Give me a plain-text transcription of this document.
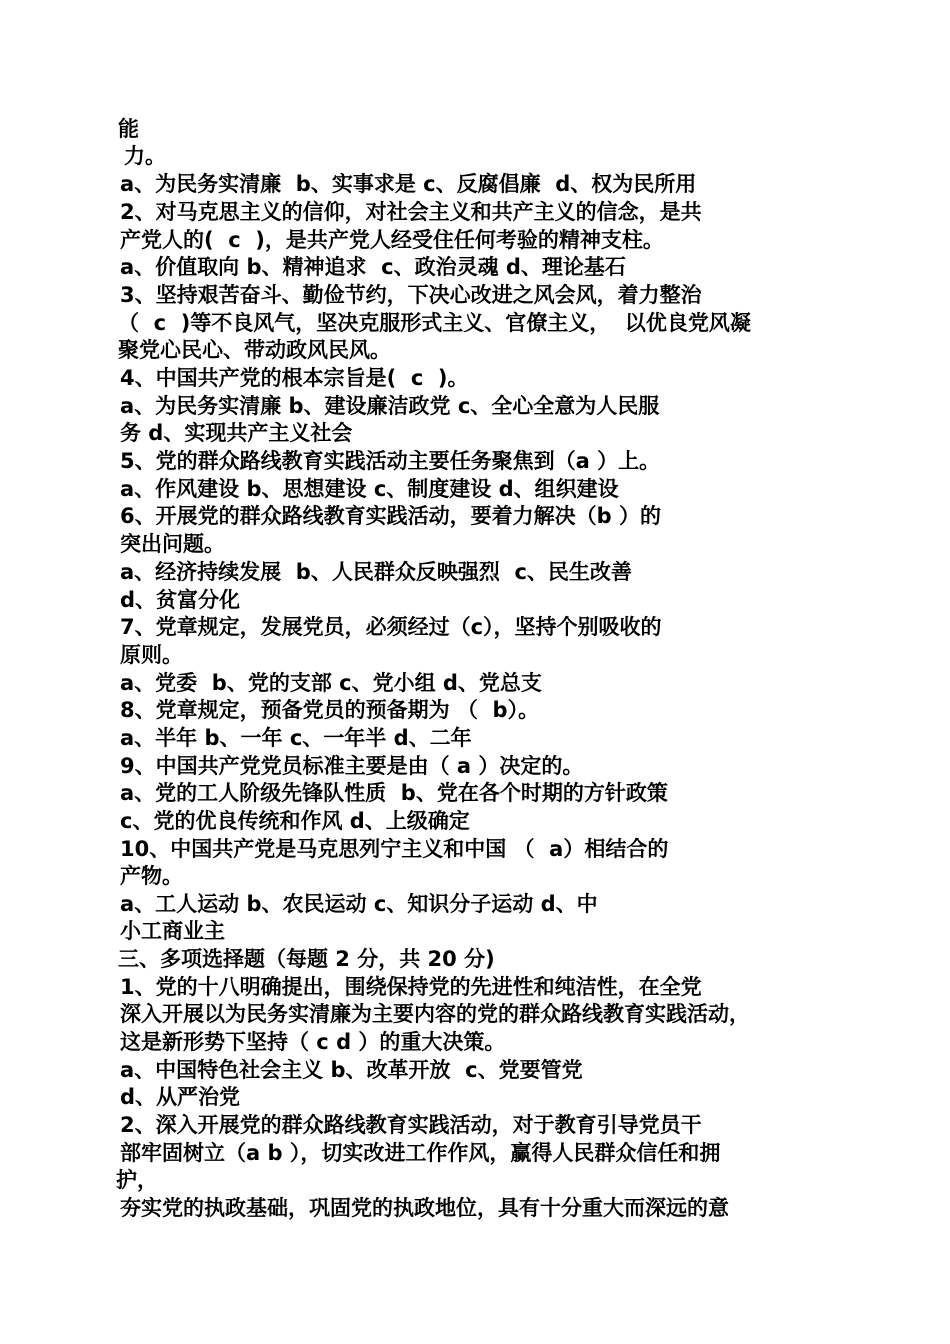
能
力。
a、为民务实清廉  b、实事求是 c、反腐倡廉  d、权为民所用
2、对马克思主义的信仰，对社会主义和共产主义的信念，是共
产党人的(  c  )，是共产党人经受住任何考验的精神支柱。
a、价值取向 b、精神追求  c、政治灵魂 d、理论基石
3、坚持艰苦奋斗、勤俭节约，下决心改进之风会风，着力整治
（  c  )等不良风气，坚决克服形式主义、官僚主义，  以优良党风凝
聚党心民心、带动政风民风。
4、中国共产党的根本宗旨是(  c  )。
a、为民务实清廉 b、建设廉洁政党 c、全心全意为人民服
务 d、实现共产主义社会
5、党的群众路线教育实践活动主要任务聚焦到（a ）上。
a、作风建设 b、思想建设 c、制度建设 d、组织建设
6、开展党的群众路线教育实践活动，要着力解决（b ）的
突出问题。
a、经济持续发展  b、人民群众反映强烈  c、民生改善
d、贫富分化
7、党章规定，发展党员，必须经过（c），坚持个别吸收的
原则。
a、党委  b、党的支部 c、党小组 d、党总支
8、党章规定，预备党员的预备期为 （  b）。
a、半年 b、一年 c、一年半 d、二年
9、中国共产党党员标准主要是由（ a ）决定的。
a、党的工人阶级先锋队性质  b、党在各个时期的方针政策
c、党的优良传统和作风 d、上级确定
10、中国共产党是马克思列宁主义和中国 （  a）相结合的
产物。
a、工人运动 b、农民运动 c、知识分子运动 d、中
小工商业主
三、多项选择题（每题 2 分，共 20 分)
1、党的十八明确提出，围绕保持党的先进性和纯洁性，在全党
深入开展以为民务实清廉为主要内容的党的群众路线教育实践活动，
这是新形势下坚持（ c d ）的重大决策。
a、中国特色社会主义 b、改革开放  c、党要管党
d、从严治党
2、深入开展党的群众路线教育实践活动，对于教育引导党员干
部牢固树立（a b ），切实改进工作作风，赢得人民群众信任和拥
护，
夯实党的执政基础，巩固党的执政地位，具有十分重大而深远的意
